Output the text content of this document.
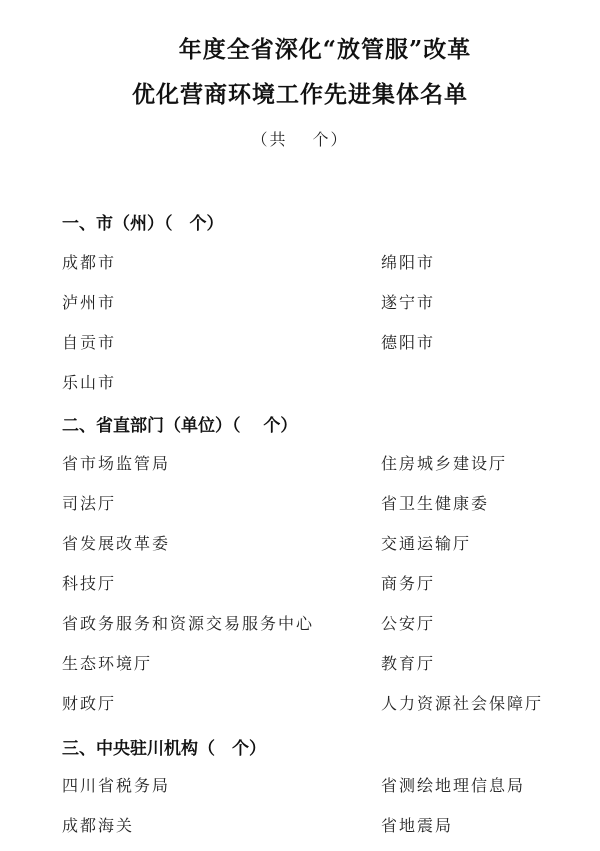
年度全省深化“放管服”改革
优化营商环境工作先进集体名单
（共　 个）
一、市（州）（　个）
成都市	绵阳市
泸州市	遂宁市
自贡市	德阳市
乐山市
二、省直部门（单位）（　 个）
省市场监管局	住房城乡建设厅
司法厅	省卫生健康委
省发展改革委	交通运输厅
科技厅	商务厅
省政务服务和资源交易服务中心	公安厅
生态环境厅	教育厅
财政厅	人力资源社会保障厅
三、中央驻川机构（　个）
四川省税务局	省测绘地理信息局
成都海关	省地震局
